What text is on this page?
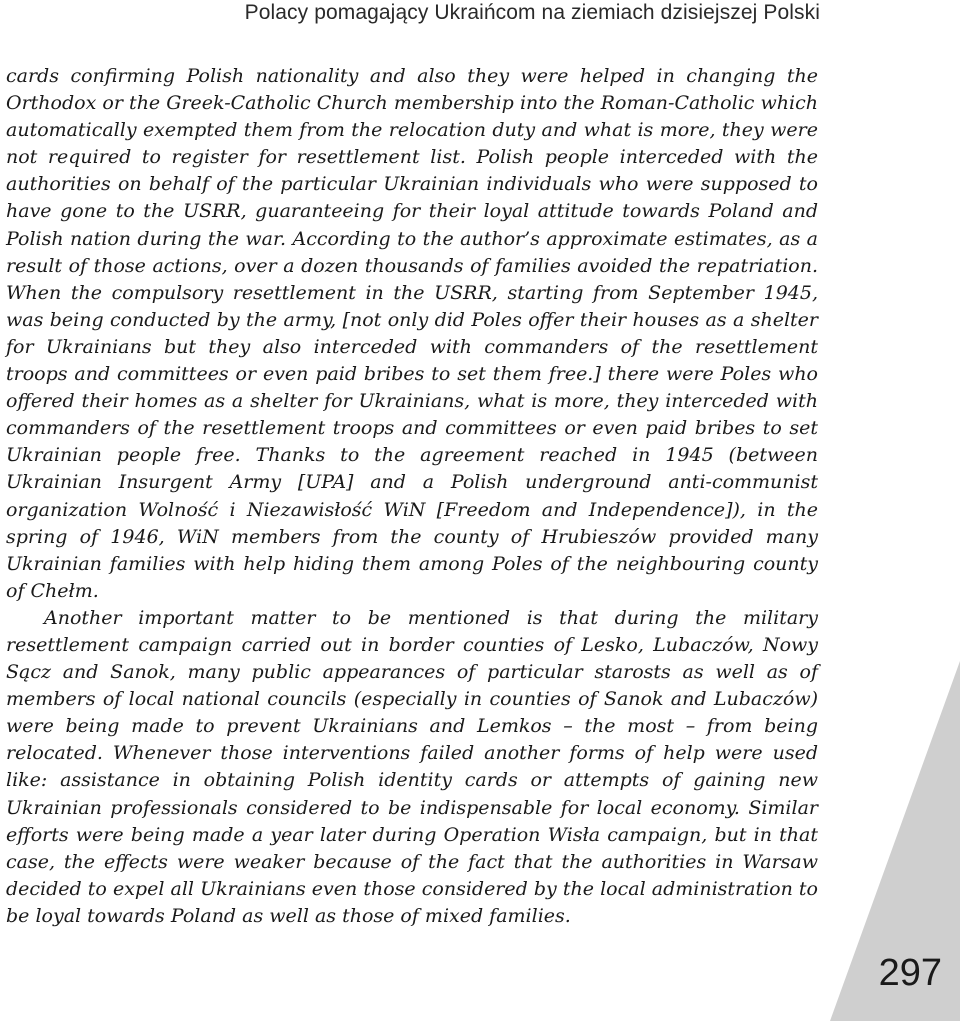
Polacy pomagający Ukraińcom na ziemiach dzisiejszej Polski

cards confirming Polish nationality and also they were helped in changing the Orthodox or the Greek-Catholic Church membership into the Roman-Catholic which automatically exempted them from the relocation duty and what is more, they were not required to register for resettlement list. Polish people interceded with the authorities on behalf of the particular Ukrainian individuals who were supposed to have gone to the USRR, guaranteeing for their loyal attitude towards Poland and Polish nation during the war. According to the author’s approximate estimates, as a result of those actions, over a dozen thousands of families avoided the repatriation. When the compulsory resettlement in the USRR, starting from September 1945, was being conducted by the army, [not only did Poles offer their houses as a shelter for Ukrainians but they also interceded with commanders of the resettlement troops and committees or even paid bribes to set them free.] there were Poles who offered their homes as a shelter for Ukrainians, what is more, they interceded with commanders of the resettlement troops and committees or even paid bribes to set Ukrainian people free. Thanks to the agreement reached in 1945 (between Ukrainian Insurgent Army [UPA] and a Polish underground anti-communist organization Wolność i Niezawisłość WiN [Freedom and Independence]), in the spring of 1946, WiN members from the county of Hrubieszów provided many Ukrainian families with help hiding them among Poles of the neighbouring county of Chełm.

Another important matter to be mentioned is that during the military resettlement campaign carried out in border counties of Lesko, Lubaczów, Nowy Sącz and Sanok, many public appearances of particular starosts as well as of members of local national councils (especially in counties of Sanok and Lubaczów) were being made to prevent Ukrainians and Lemkos – the most – from being relocated. Whenever those interventions failed another forms of help were used like: assistance in obtaining Polish identity cards or attempts of gaining new Ukrainian professionals considered to be indispensable for local economy. Similar efforts were being made a year later during Operation Wisła campaign, but in that case, the effects were weaker because of the fact that the authorities in Warsaw decided to expel all Ukrainians even those considered by the local administration to be loyal towards Poland as well as those of mixed families.

297
